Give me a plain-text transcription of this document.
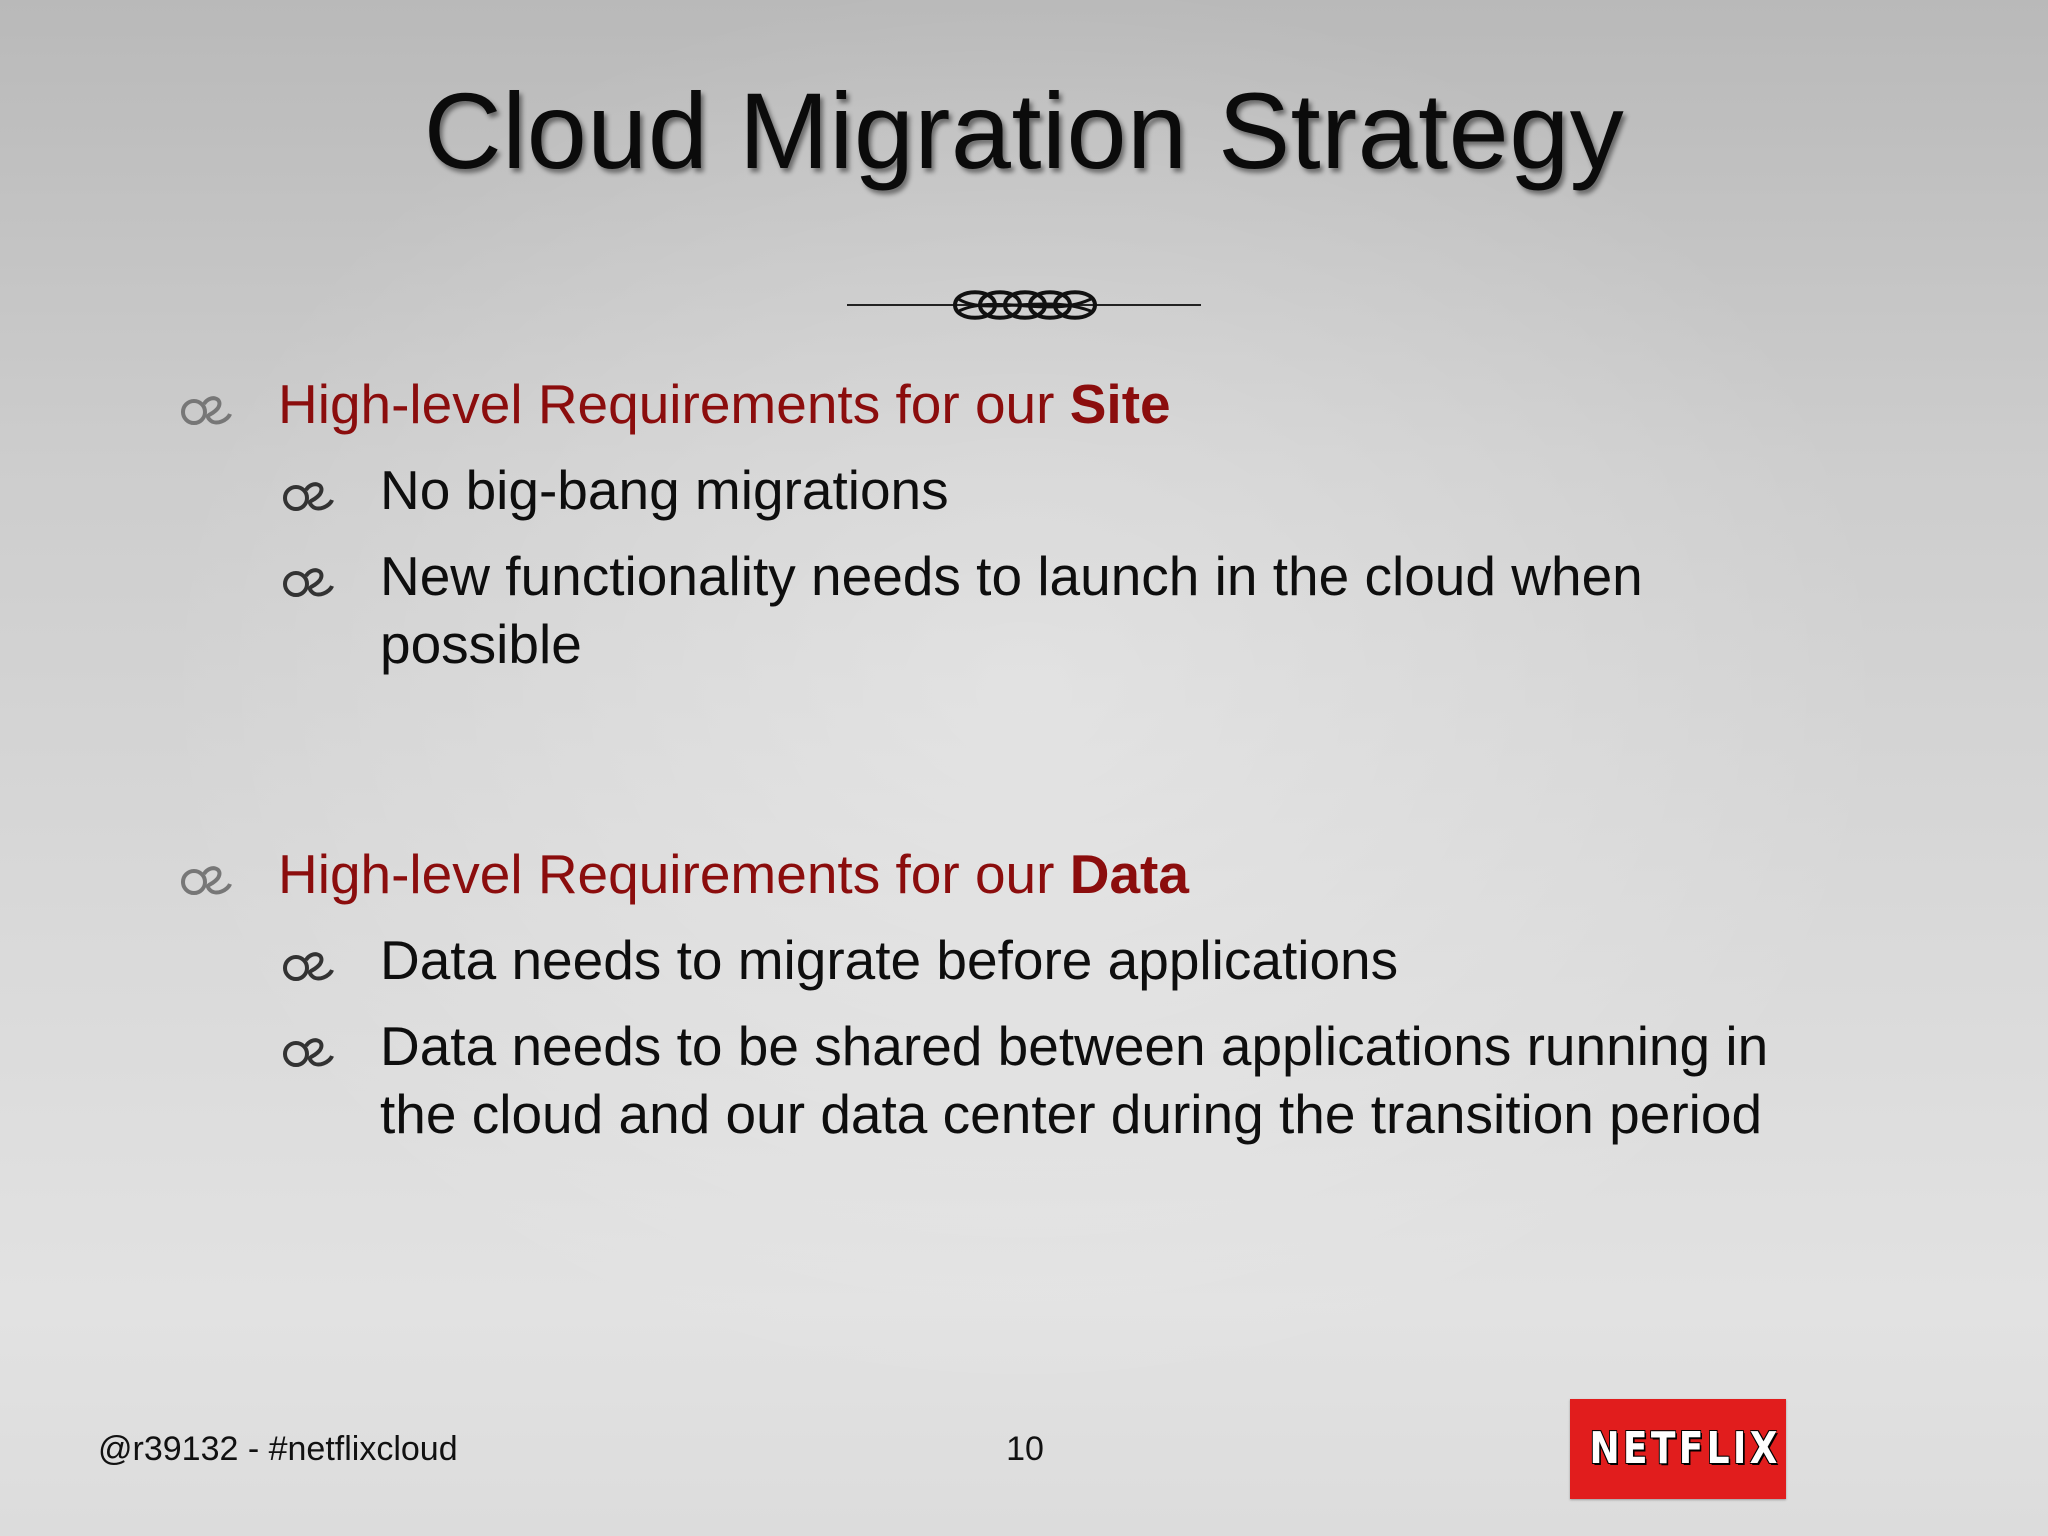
Cloud Migration Strategy
High-level Requirements for our Site
No big-bang migrations
New functionality needs to launch in the cloud when
possible
High-level Requirements for our Data
Data needs to migrate before applications
Data needs to be shared between applications running in
the cloud and our data center during the transition period
@r39132 - #netflixcloud	10	NETFLIX
